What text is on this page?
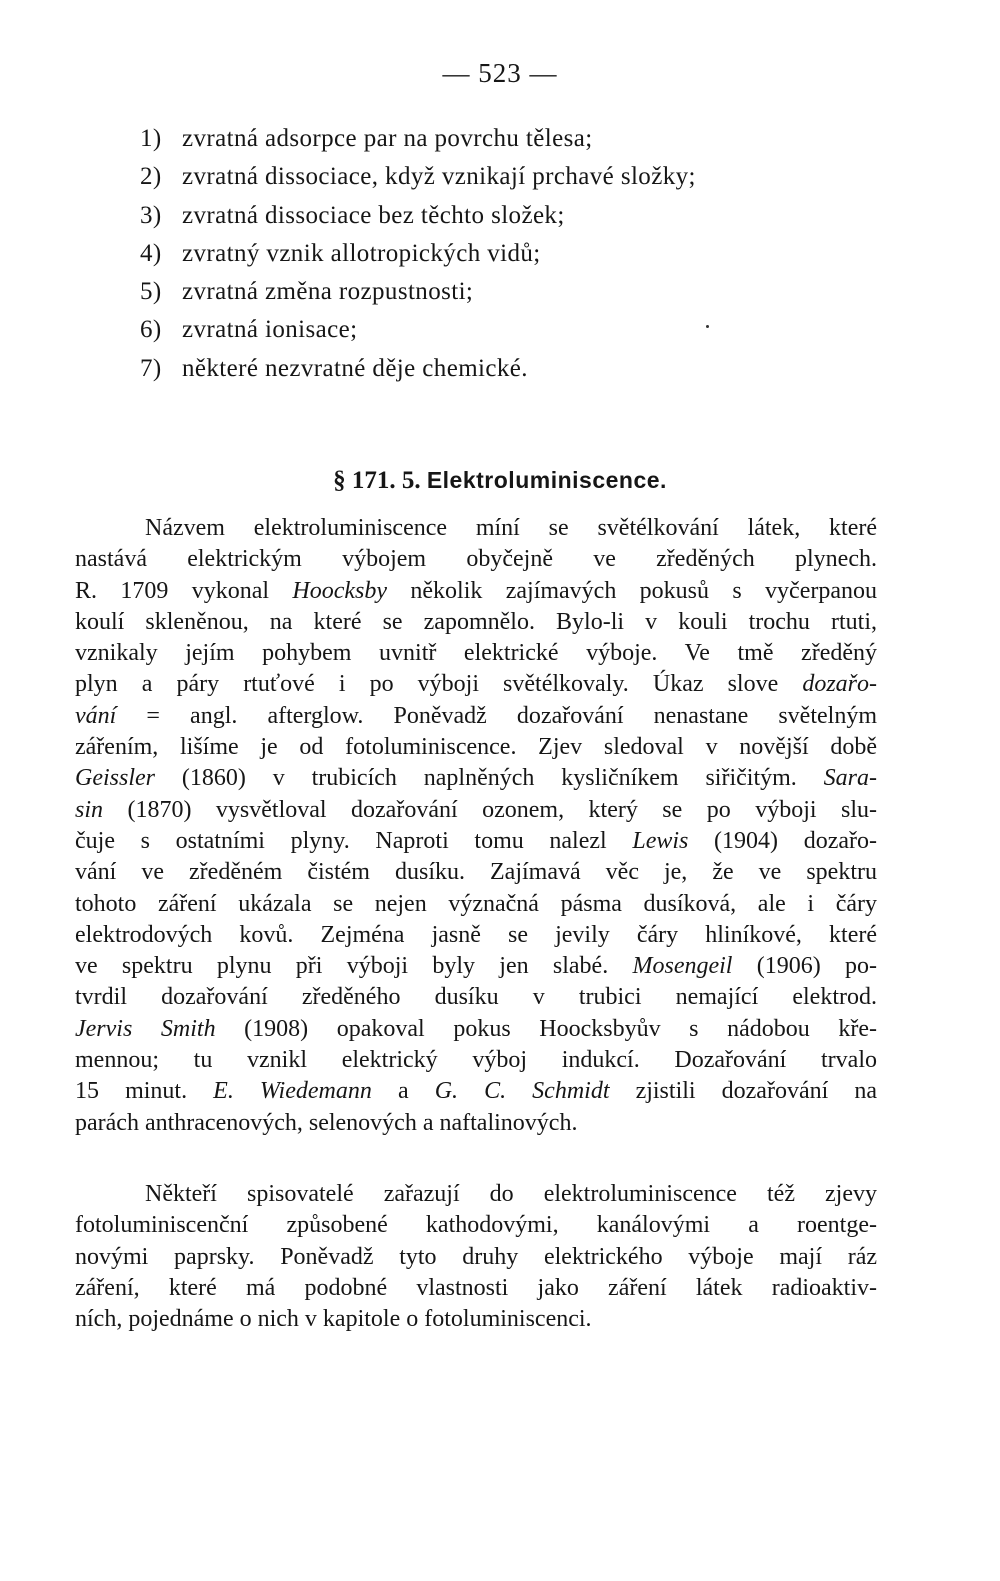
— 523 —
1) zvratná adsorpce par na povrchu tělesa;
2) zvratná dissociace, když vznikají prchavé složky;
3) zvratná dissociace bez těchto složek;
4) zvratný vznik allotropických vidů;
5) zvratná změna rozpustnosti;
6) zvratná ionisace;
7) některé nezvratné děje chemické.
§ 171. 5. Elektroluminiscence.
Názvem elektroluminiscence míní se světélkování látek, které
nastává elektrickým výbojem obyčejně ve zředěných plynech.
R. 1709 vykonal Hoocksby několik zajímavých pokusů s vyčerpanou
koulí skleněnou, na které se zapomnělo. Bylo-li v kouli trochu rtuti,
vznikaly jejím pohybem uvnitř elektrické výboje. Ve tmě zředěný
plyn a páry rtuťové i po výboji světélkovaly. Úkaz slove dozařo-
vání = angl. afterglow. Poněvadž dozařování nenastane světelným
zářením, lišíme je od fotoluminiscence. Zjev sledoval v novější době
Geissler (1860) v trubicích naplněných kysličníkem siřičitým. Sara-
sin (1870) vysvětloval dozařování ozonem, který se po výboji slu-
čuje s ostatními plyny. Naproti tomu nalezl Lewis (1904) dozařo-
vání ve zředěném čistém dusíku. Zajímavá věc je, že ve spektru
tohoto záření ukázala se nejen význačná pásma dusíková, ale i čáry
elektrodových kovů. Zejména jasně se jevily čáry hliníkové, které
ve spektru plynu při výboji byly jen slabé. Mosengeil (1906) po-
tvrdil dozařování zředěného dusíku v trubici nemající elektrod.
Jervis Smith (1908) opakoval pokus Hoocksbyův s nádobou kře-
mennou; tu vznikl elektrický výboj indukcí. Dozařování trvalo
15 minut. E. Wiedemann a G. C. Schmidt zjistili dozařování na
parách anthracenových, selenových a naftalinových.
Někteří spisovatelé zařazují do elektroluminiscence též zjevy
fotoluminiscenční způsobené kathodovými, kanálovými a roentge-
novými paprsky. Poněvadž tyto druhy elektrického výboje mají ráz
záření, které má podobné vlastnosti jako záření látek radioaktiv-
ních, pojednáme o nich v kapitole o fotoluminiscenci.
